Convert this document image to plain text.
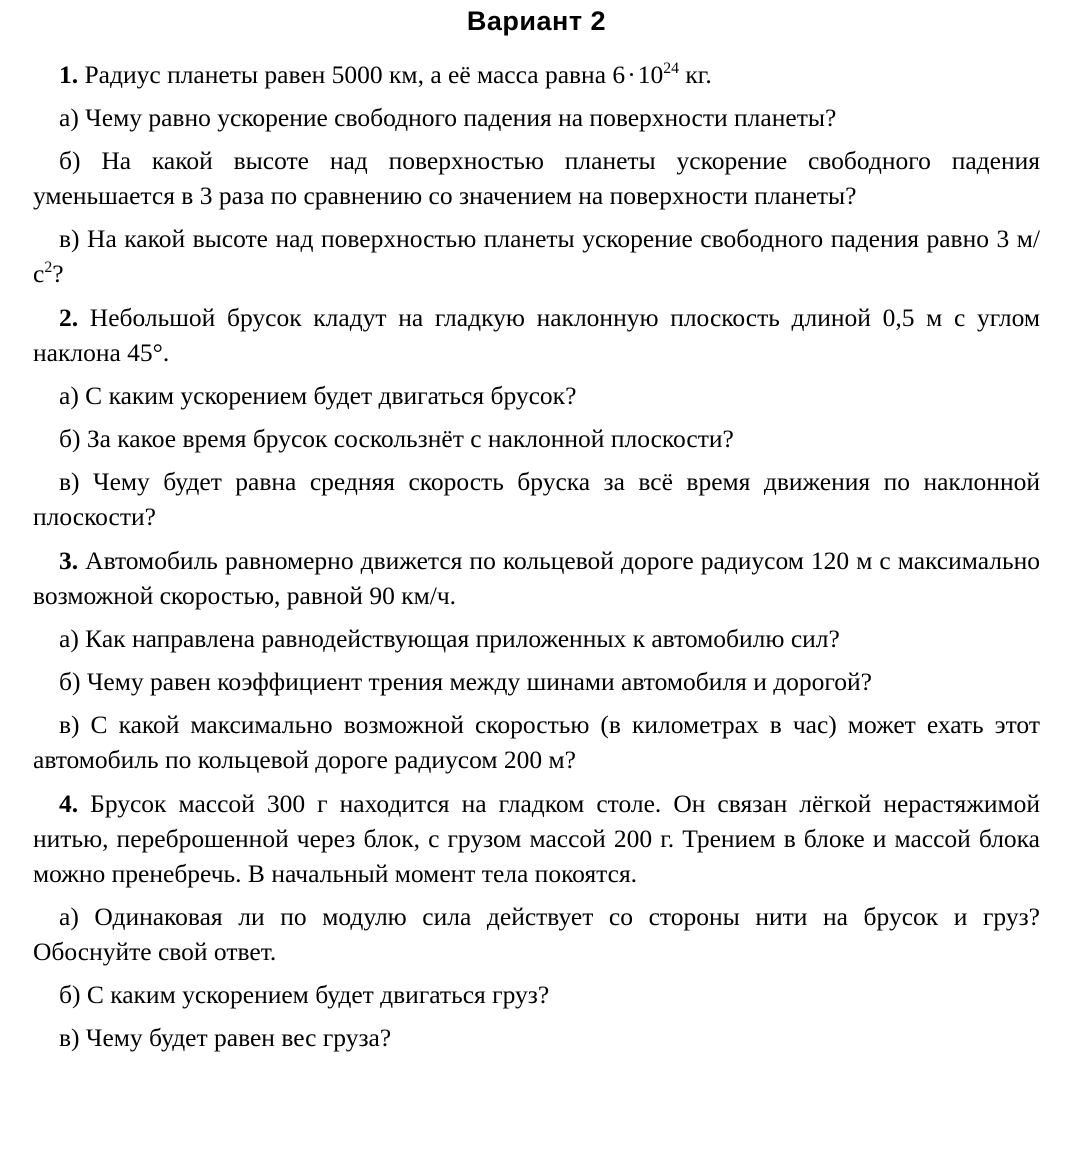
Вариант 2

1. Радиус планеты равен 5000 км, а её масса равна $6\cdot 10^{24}$ кг.

а) Чему равно ускорение свободного падения на поверхности планеты?

б) На какой высоте над поверхностью планеты ускорение свободного падения уменьшается в 3 раза по сравнению со значением на поверхности планеты?

в) На какой высоте над поверхностью планеты ускорение свободного падения равно 3 $м/с^2$?

2. Небольшой брусок кладут на гладкую наклонную плоскость длиной 0,5 м с углом наклона 45°.

а) С каким ускорением будет двигаться брусок?

б) За какое время брусок соскользнёт с наклонной плоскости?

в) Чему будет равна средняя скорость бруска за всё время движения по наклонной плоскости?

3. Автомобиль равномерно движется по кольцевой дороге радиусом 120 м с максимально возможной скоростью, равной 90 км/ч.

а) Как направлена равнодействующая приложенных к автомобилю сил?

б) Чему равен коэффициент трения между шинами автомобиля и дорогой?

в) С какой максимально возможной скоростью (в километрах в час) может ехать этот автомобиль по кольцевой дороге радиусом 200 м?

4. Брусок массой 300 г находится на гладком столе. Он связан лёгкой нерастяжимой нитью, переброшенной через блок, с грузом массой 200 г. Трением в блоке и массой блока можно пренебречь. В начальный момент тела покоятся.

а) Одинаковая ли по модулю сила действует со стороны нити на брусок и груз? Обоснуйте свой ответ.

б) С каким ускорением будет двигаться груз?

в) Чему будет равен вес груза?
